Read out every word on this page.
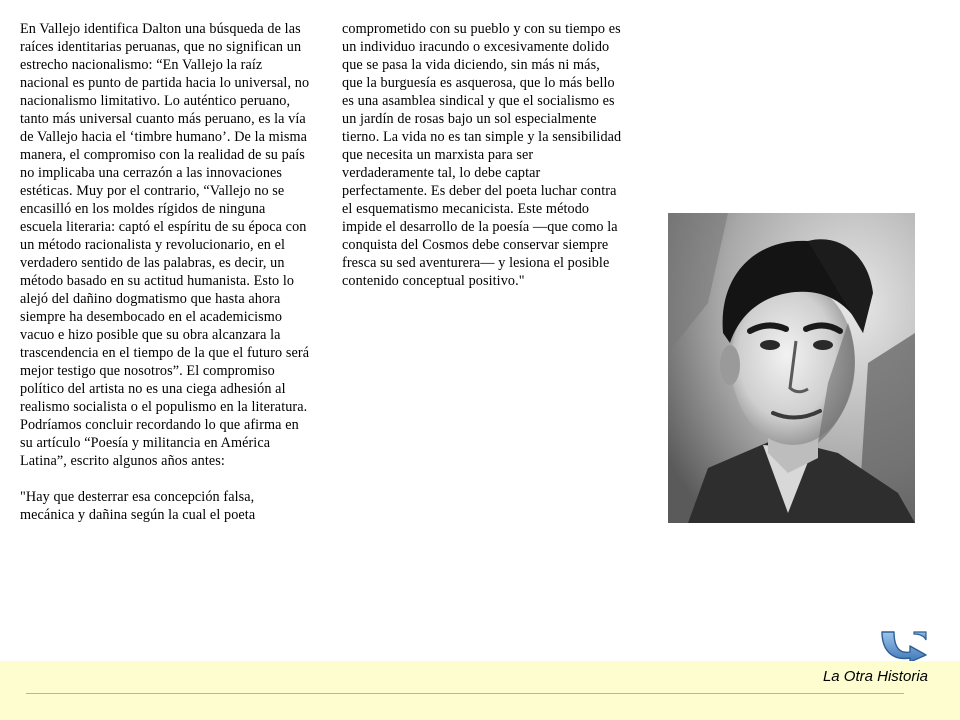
En Vallejo identifica Dalton una búsqueda de las raíces identitarias peruanas, que no significan un estrecho nacionalismo: “En Vallejo la raíz nacional es punto de partida hacia lo universal, no nacionalismo limitativo. Lo auténtico peruano, tanto más universal cuanto más peruano, es la vía de Vallejo hacia el ‘timbre humano’. De la misma manera, el compromiso con la realidad de su país no implicaba una cerrazón a las innovaciones estéticas. Muy por el contrario, “Vallejo no se encasilló en los moldes rígidos de ninguna escuela literaria: captó el espíritu de su época con un método racionalista y revolucionario, en el verdadero sentido de las palabras, es decir, un método basado en su actitud humanista. Esto lo alejó del dañino dogmatismo que hasta ahora siempre ha desembocado en el academicismo vacuo e hizo posible que su obra alcanzara la trascendencia en el tiempo de la que el futuro será mejor testigo que nosotros”. El compromiso político del artista no es una ciega adhesión al realismo socialista o el populismo en la literatura. Podríamos concluir recordando lo que afirma en su artículo “Poesía y militancia en América Latina”, escrito algunos años antes:

"Hay que desterrar esa concepción falsa, mecánica y dañina según la cual el poeta

comprometido con su pueblo y con su tiempo es un individuo iracundo o excesivamente dolido que se pasa la vida diciendo, sin más ni más, que la burguesía es asquerosa, que lo más bello es una asamblea sindical y que el socialismo es un jardín de rosas bajo un sol especialmente tierno. La vida no es tan simple y la sensibilidad que necesita un marxista para ser verdaderamente tal, lo debe captar perfectamente. Es deber del poeta luchar contra el esquematismo mecanicista. Este método impide el desarrollo de la poesía —que como la conquista del Cosmos debe conservar siempre fresca su sed aventurera— y lesiona el posible contenido conceptual positivo."

La Otra Historia
